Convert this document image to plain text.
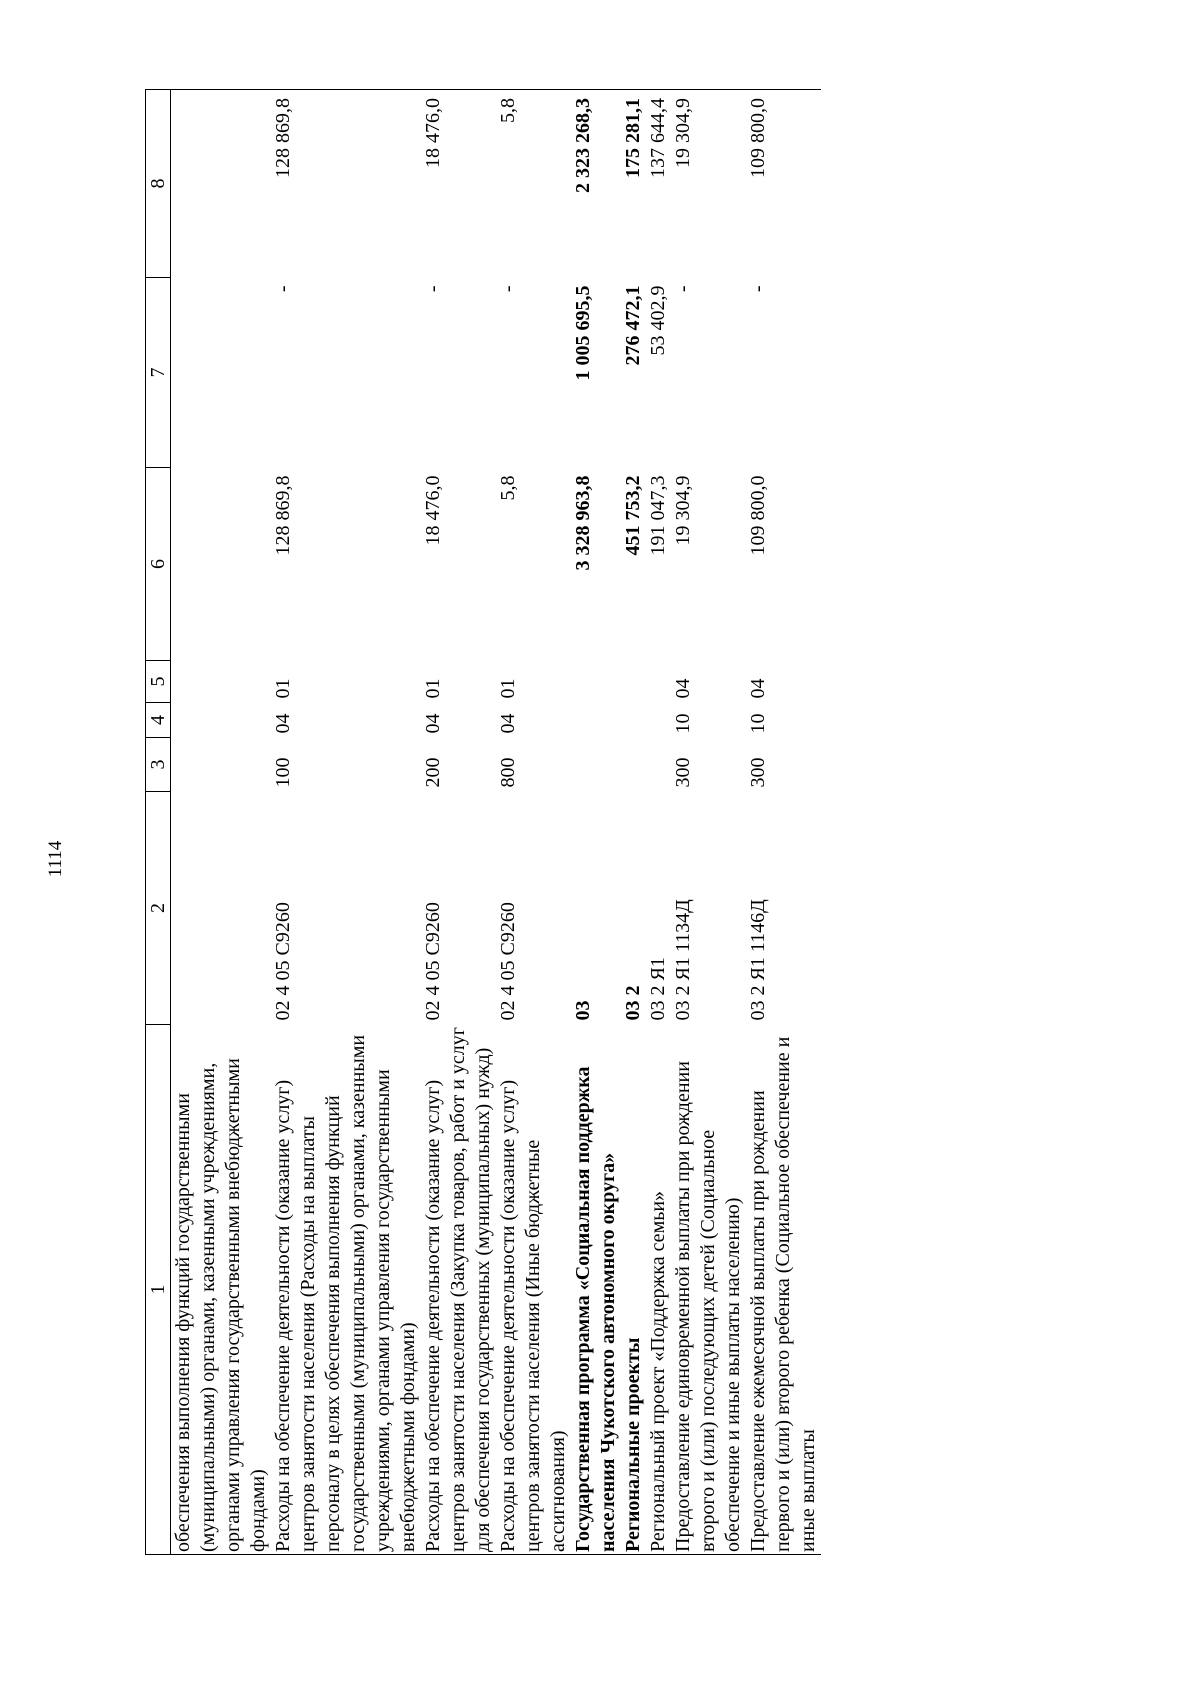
1114
1	2	3	4	5	6	7	8
обеспечения выполнения функций государственными (муниципальными) органами, казенными учреждениями, органами управления государственными внебюджетными фондами)							
Расходы на обеспечение деятельности (оказание услуг) центров занятости населения (Расходы на выплаты персоналу в целях обеспечения выполнения функций государственными (муниципальными) органами, казенными учреждениями, органами управления государственными внебюджетными фондами)	02 4 05 С9260	100	04	01	128 869,8	-	128 869,8
Расходы на обеспечение деятельности (оказание услуг) центров занятости населения (Закупка товаров, работ и услуг для обеспечения государственных (муниципальных) нужд)	02 4 05 С9260	200	04	01	18 476,0	-	18 476,0
Расходы на обеспечение деятельности (оказание услуг) центров занятости населения (Иные бюджетные ассигнования)	02 4 05 С9260	800	04	01	5,8	-	5,8
Государственная программа «Социальная поддержка населения Чукотского автономного округа»	03				3 328 963,8	1 005 695,5	2 323 268,3
Региональные проекты	03 2				451 753,2	276 472,1	175 281,1
Региональный проект «Поддержка семьи»	03 2 Я1				191 047,3	53 402,9	137 644,4
Предоставление единовременной выплаты при рождении второго и (или) последующих детей (Социальное обеспечение и иные выплаты населению)	03 2 Я1 1134Д	300	10	04	19 304,9	-	19 304,9
Предоставление ежемесячной выплаты при рождении первого и (или) второго ребенка (Социальное обеспечение и иные выплаты	03 2 Я1 1146Д	300	10	04	109 800,0	-	109 800,0
